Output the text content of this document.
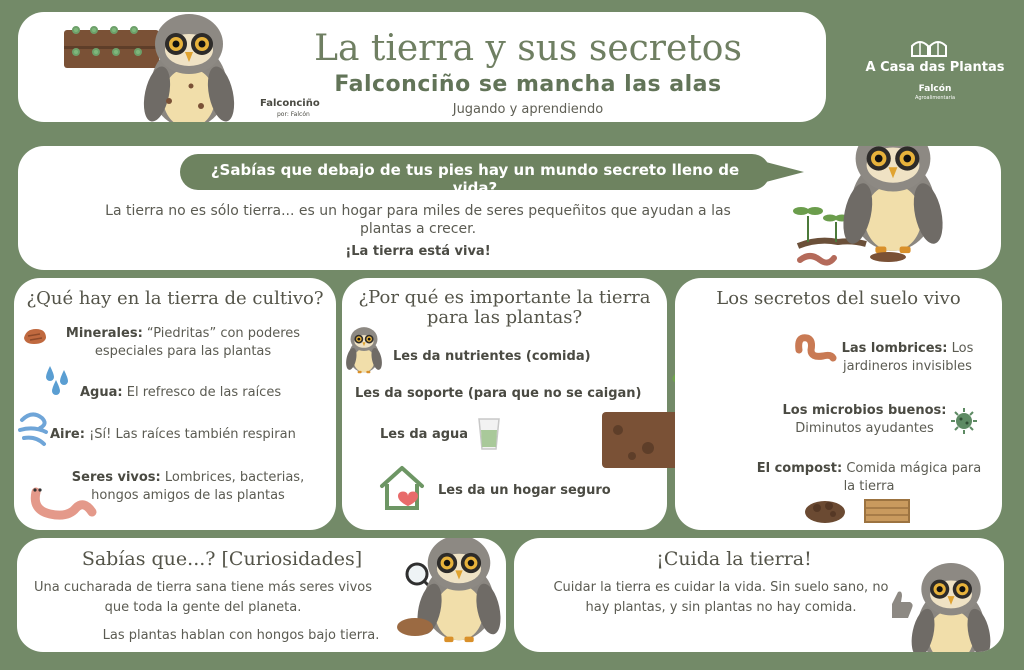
La tierra y sus secretos
Falconciño se mancha las alas
Jugando y aprendiendo
Falconciño
por: Falcón
A Casa das Plantas
Falcón
Agroalimentaria
¿Sabías que debajo de tus pies hay un mundo secreto lleno de vida?
La tierra no es sólo tierra... es un hogar para miles de seres pequeñitos que ayudan a las plantas a crecer.
¡La tierra está viva!
¿Qué hay en la tierra de cultivo?
Minerales: “Piedritas” con poderes especiales para las plantas
Agua: El refresco de las raíces
Aire: ¡Sí! Las raíces también respiran
Seres vivos: Lombrices, bacterias, hongos amigos de las plantas
¿Por qué es importante la tierra para las plantas?
Les da nutrientes (comida)
Les da soporte (para que no se caigan)
Les da agua
Les da un hogar seguro
Los secretos del suelo vivo
Las lombrices: Los jardineros invisibles
Los microbios buenos:
Diminutos ayudantes
El compost: Comida mágica para la tierra
Sabías que...? [Curiosidades]
Una cucharada de tierra sana tiene más seres vivos que toda la gente del planeta.
Las plantas hablan con hongos bajo tierra.
¡Cuida la tierra!
Cuidar la tierra es cuidar la vida. Sin suelo sano, no hay plantas, y sin plantas no hay comida.
